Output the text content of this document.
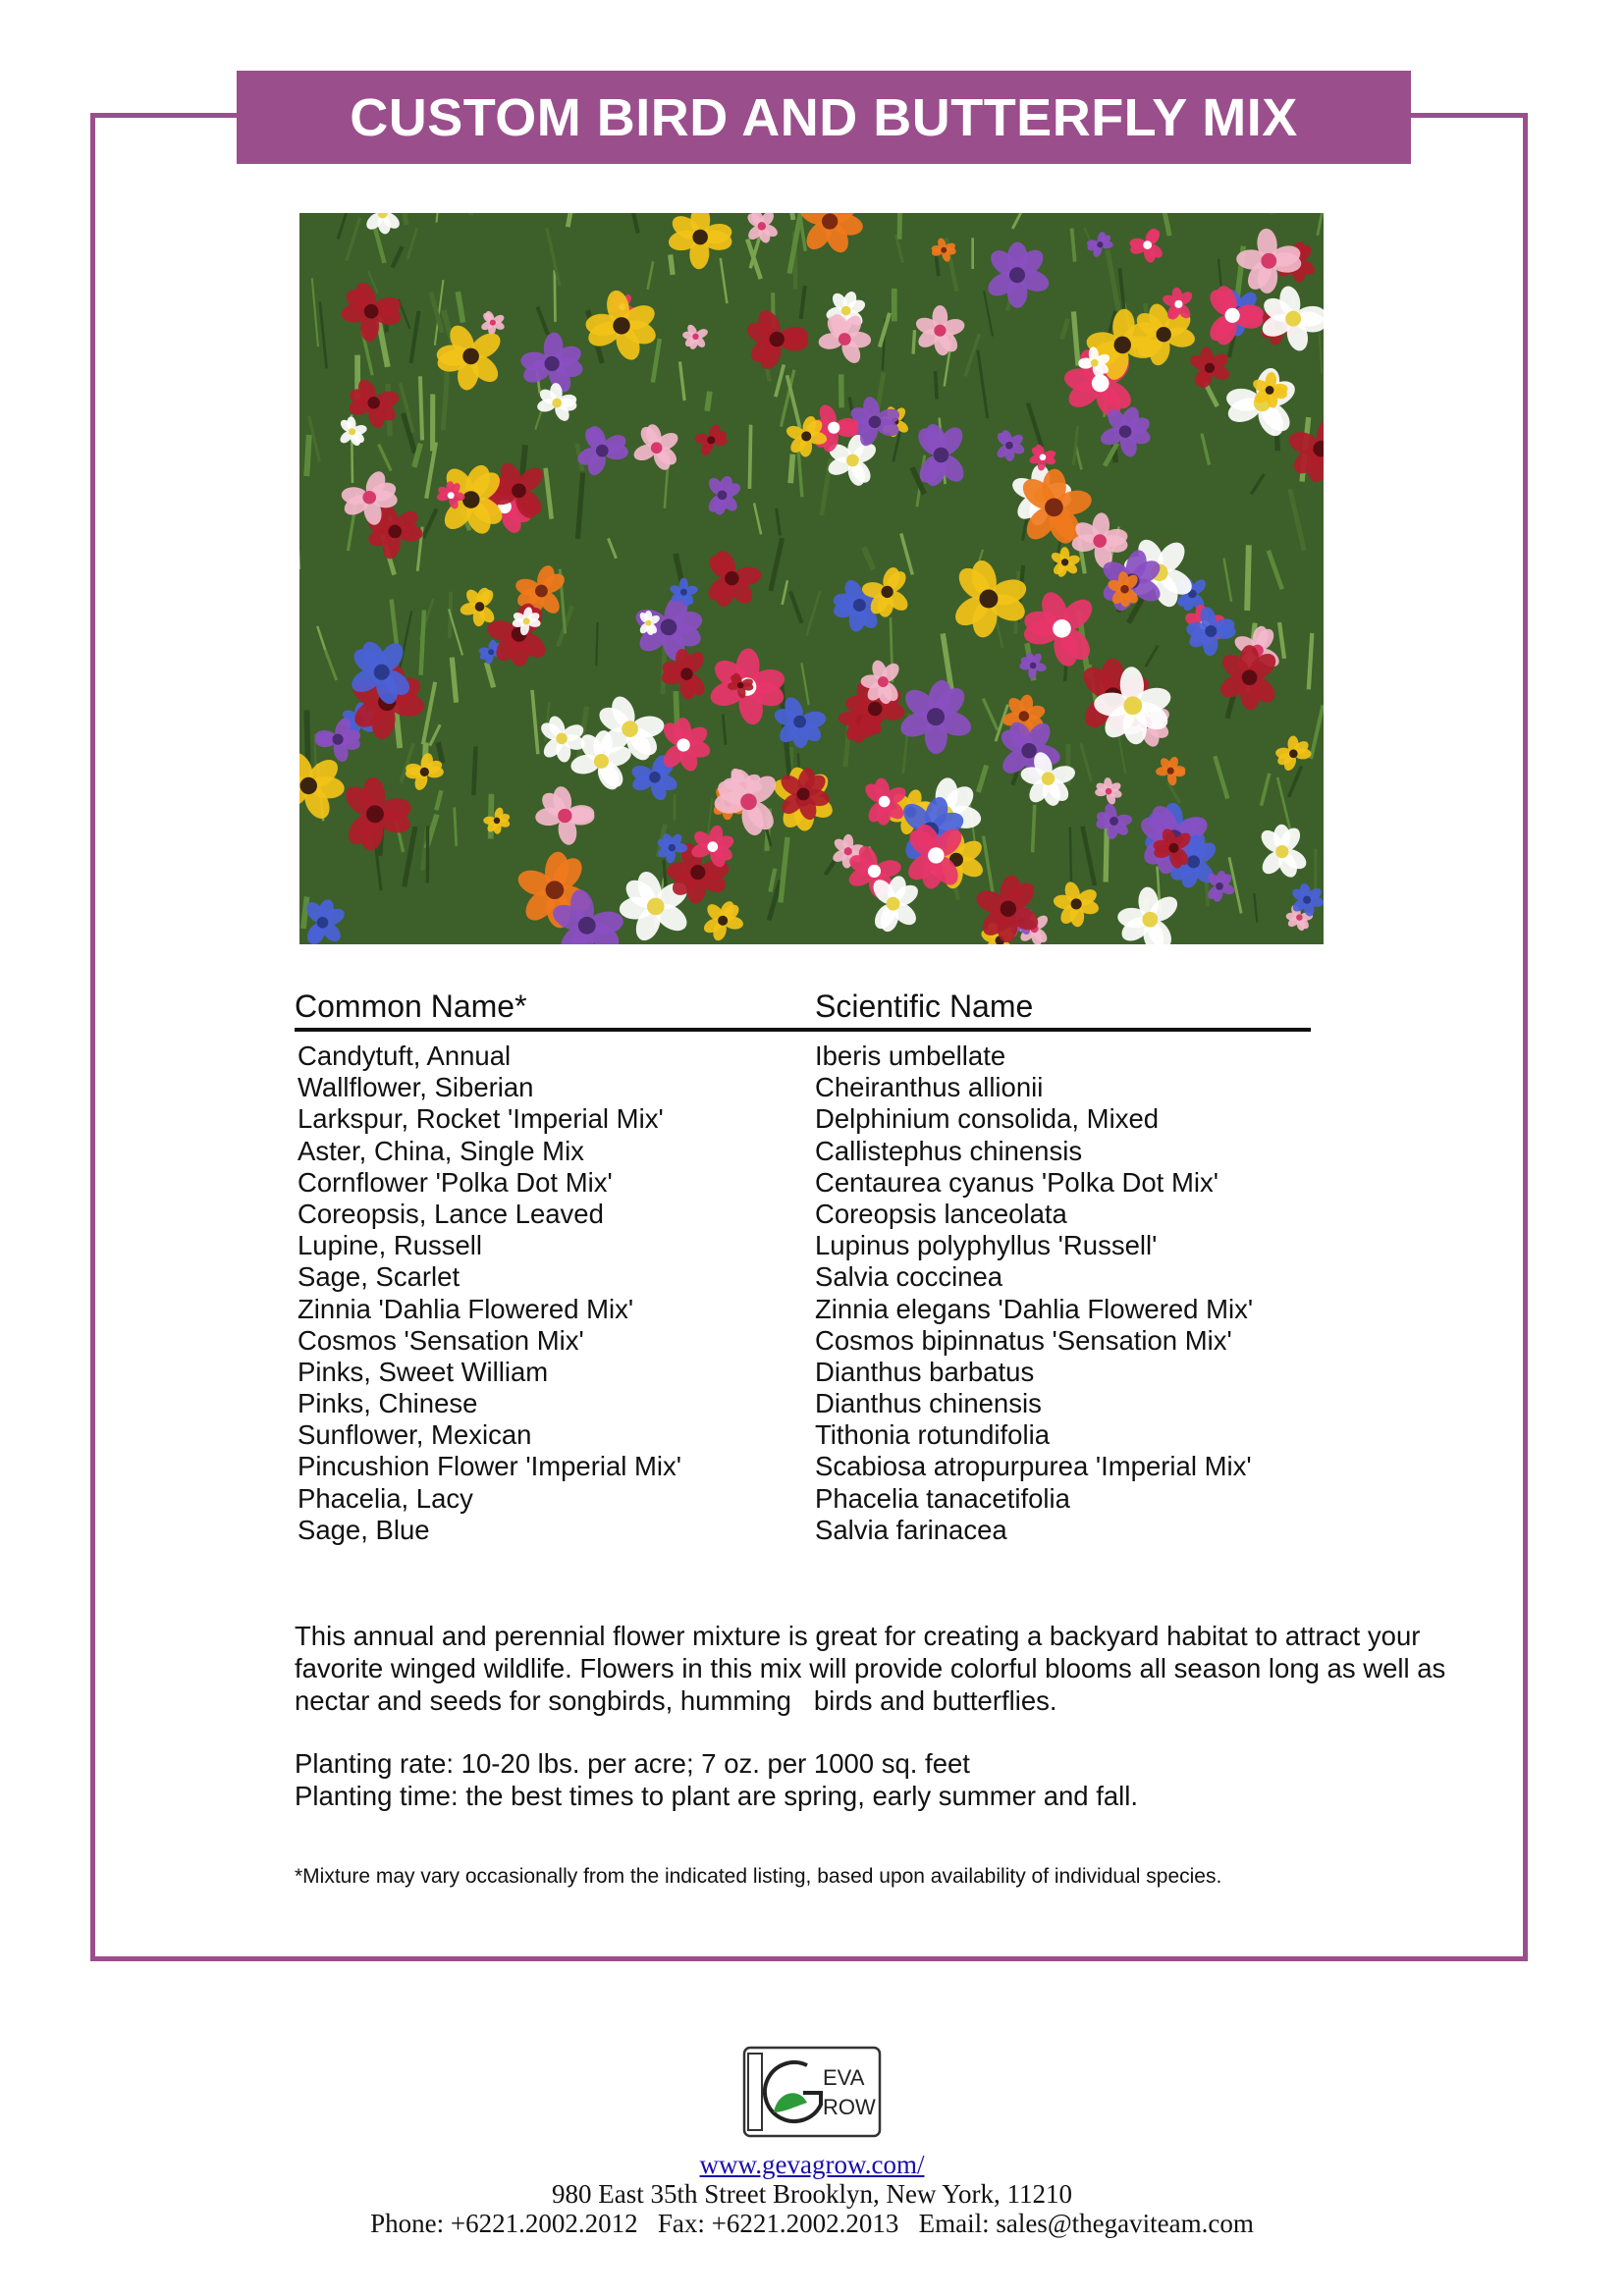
CUSTOM BIRD AND BUTTERFLY MIX
Common Name*	Scientific Name
Candytuft, Annual	Iberis umbellate
Wallflower, Siberian	Cheiranthus allionii
Larkspur, Rocket 'Imperial Mix'	Delphinium consolida, Mixed
Aster, China, Single Mix	Callistephus chinensis
Cornflower 'Polka Dot Mix'	Centaurea cyanus 'Polka Dot Mix'
Coreopsis, Lance Leaved	Coreopsis lanceolata
Lupine, Russell	Lupinus polyphyllus 'Russell'
Sage, Scarlet	Salvia coccinea
Zinnia 'Dahlia Flowered Mix'	Zinnia elegans 'Dahlia Flowered Mix'
Cosmos 'Sensation Mix'	Cosmos bipinnatus 'Sensation Mix'
Pinks, Sweet William	Dianthus barbatus
Pinks, Chinese	Dianthus chinensis
Sunflower, Mexican	Tithonia rotundifolia
Pincushion Flower 'Imperial Mix'	Scabiosa atropurpurea 'Imperial Mix'
Phacelia, Lacy	Phacelia tanacetifolia
Sage, Blue	Salvia farinacea
This annual and perennial flower mixture is great for creating a backyard habitat to attract your
favorite winged wildlife. Flowers in this mix will provide colorful blooms all season long as well as
nectar and seeds for songbirds, humming   birds and butterflies.
Planting rate: 10-20 lbs. per acre; 7 oz. per 1000 sq. feet
Planting time: the best times to plant are spring, early summer and fall.
*Mixture may vary occasionally from the indicated listing, based upon availability of individual species.
EVA
ROW
www.gevagrow.com/
980 East 35th Street Brooklyn, New York, 11210
Phone: +6221.2002.2012   Fax: +6221.2002.2013   Email: sales@thegaviteam.com
